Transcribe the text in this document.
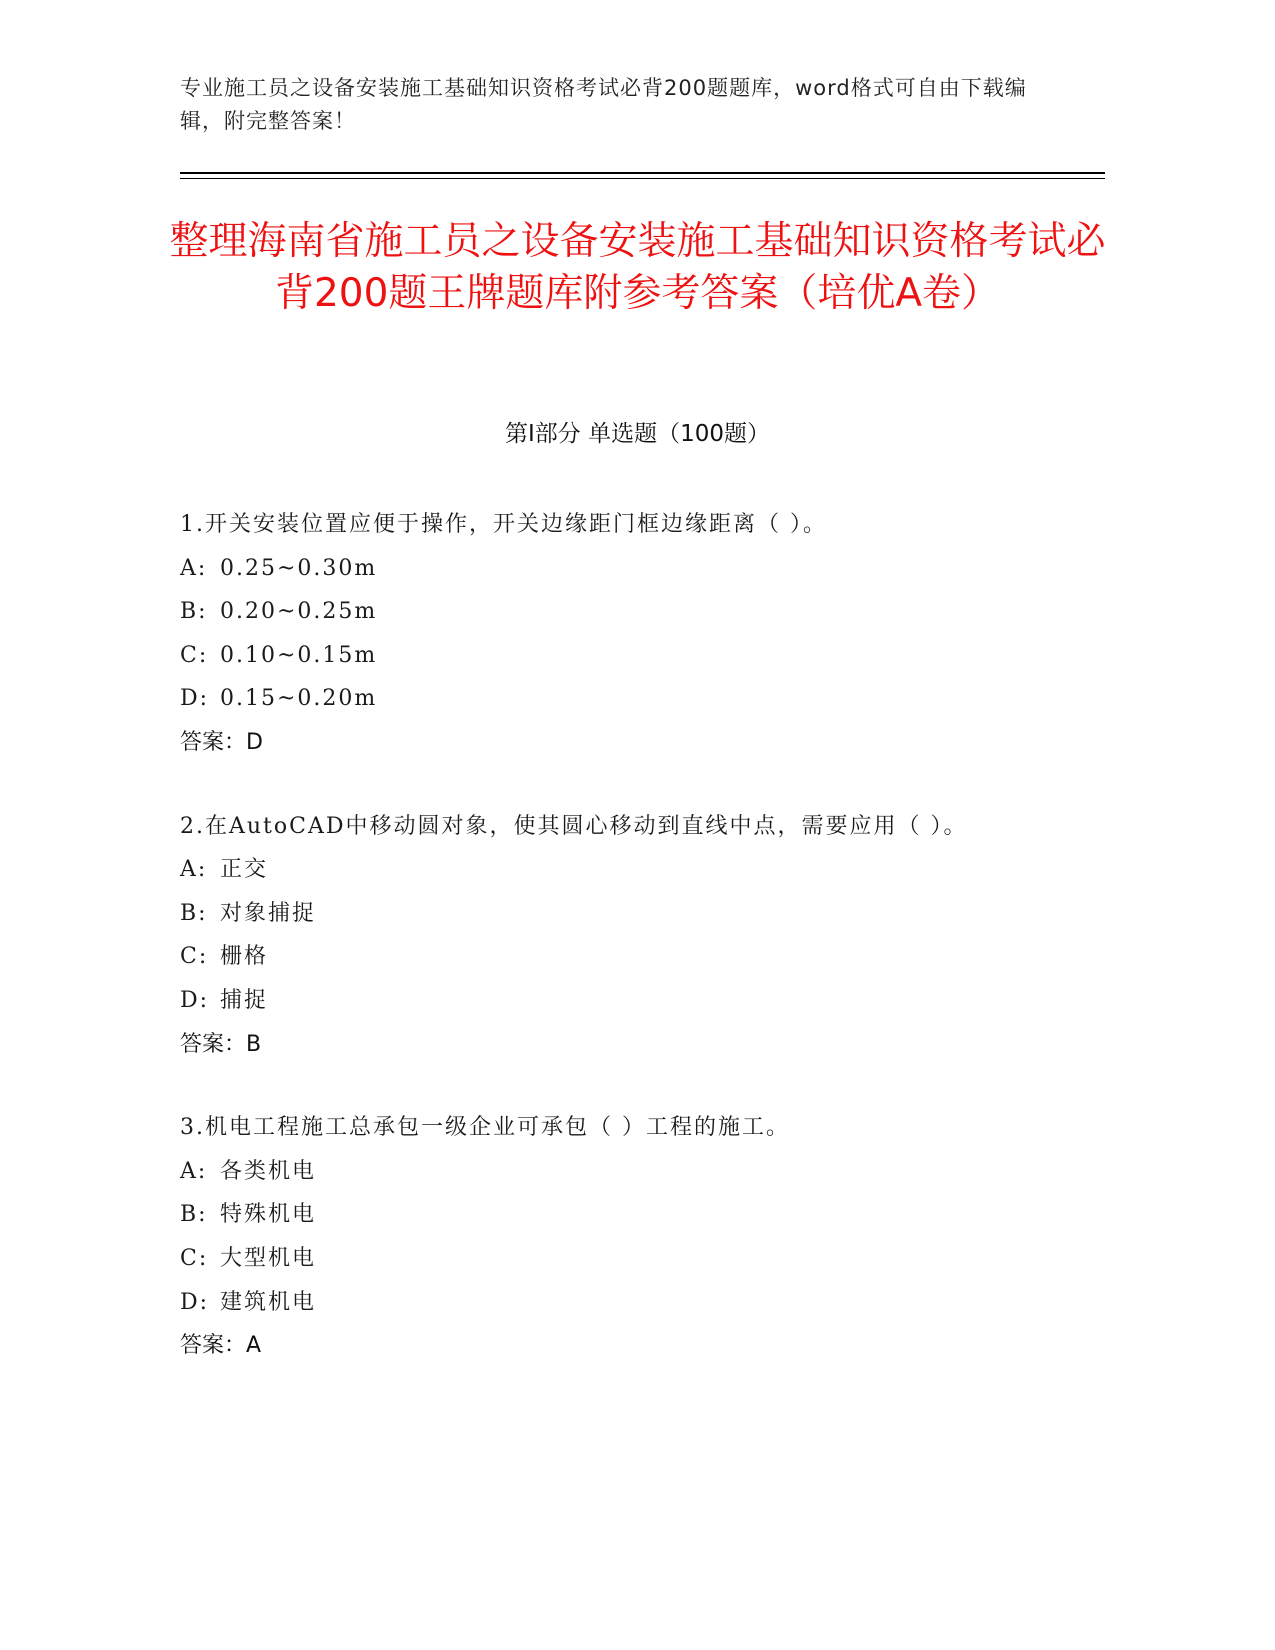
专业施工员之设备安装施工基础知识资格考试必背200题题库，word格式可自由下载编辑，附完整答案！
整理海南省施工员之设备安装施工基础知识资格考试必背200题王牌题库附参考答案（培优A卷）
第Ⅰ部分 单选题（100题）
1.开关安装位置应便于操作，开关边缘距门框边缘距离（ ）。
A: 0.25~0.30m
B: 0.20~0.25m
C: 0.10~0.15m
D: 0.15~0.20m
答案：D
2.在AutoCAD中移动圆对象，使其圆心移动到直线中点，需要应用（ ）。
A: 正交
B: 对象捕捉
C: 栅格
D: 捕捉
答案：B
3.机电工程施工总承包一级企业可承包（ ）工程的施工。
A: 各类机电
B: 特殊机电
C: 大型机电
D: 建筑机电
答案：A
